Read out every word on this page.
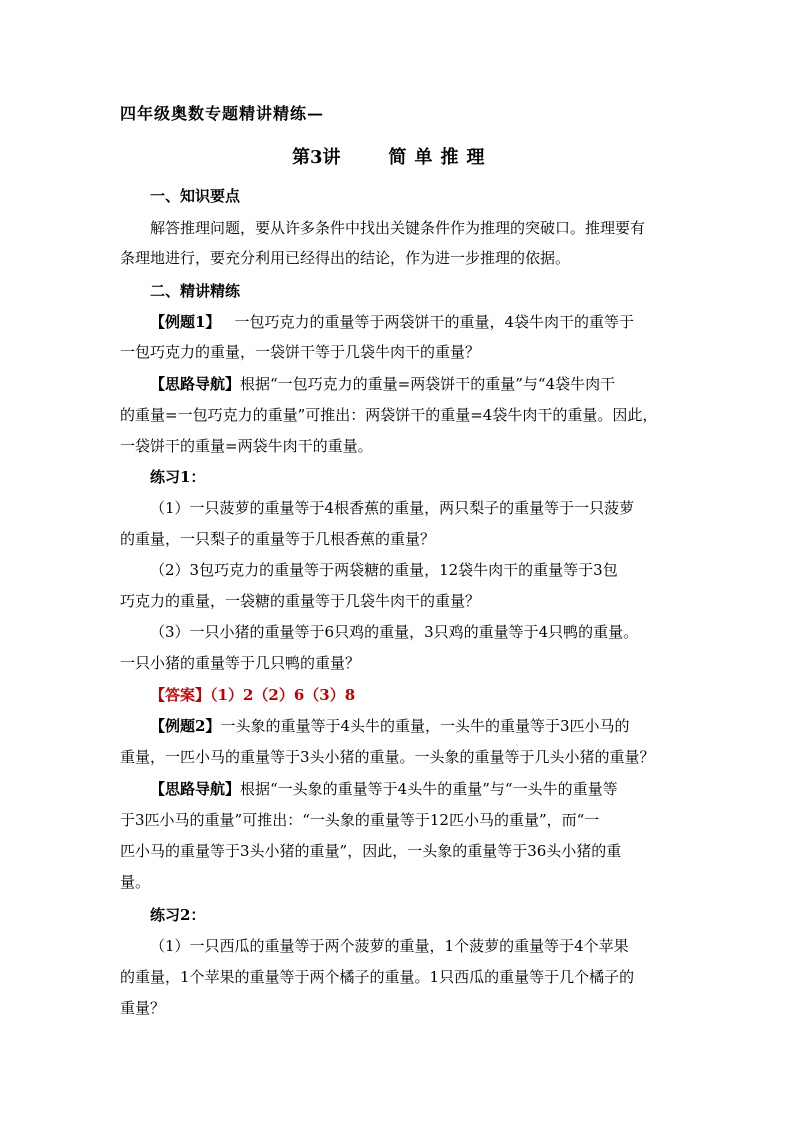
四年级奥数专题精讲精练—
第3讲	简单推理
一、知识要点
解答推理问题，要从许多条件中找出关键条件作为推理的突破口。推理要有
条理地进行，要充分利用已经得出的结论，作为进一步推理的依据。
二、精讲精练
【例题1】 一包巧克力的重量等于两袋饼干的重量，4袋牛肉干的重等于
一包巧克力的重量，一袋饼干等于几袋牛肉干的重量？
【思路导航】根据“一包巧克力的重量=两袋饼干的重量”与“4袋牛肉干
的重量=一包巧克力的重量”可推出：两袋饼干的重量=4袋牛肉干的重量。因此，
一袋饼干的重量=两袋牛肉干的重量。
练习1：
（1）一只菠萝的重量等于4根香蕉的重量，两只梨子的重量等于一只菠萝
的重量，一只梨子的重量等于几根香蕉的重量？
（2）3包巧克力的重量等于两袋糖的重量，12袋牛肉干的重量等于3包
巧克力的重量，一袋糖的重量等于几袋牛肉干的重量？
（3）一只小猪的重量等于6只鸡的重量，3只鸡的重量等于4只鸭的重量。
一只小猪的重量等于几只鸭的重量？
【答案】（1）2（2）6（3）8
【例题2】一头象的重量等于4头牛的重量，一头牛的重量等于3匹小马的
重量，一匹小马的重量等于3头小猪的重量。一头象的重量等于几头小猪的重量？
【思路导航】根据“一头象的重量等于4头牛的重量”与“一头牛的重量等
于3匹小马的重量”可推出：“一头象的重量等于12匹小马的重量”，而“一
匹小马的重量等于3头小猪的重量”，因此，一头象的重量等于36头小猪的重
量。
练习2：
（1）一只西瓜的重量等于两个菠萝的重量，1个菠萝的重量等于4个苹果
的重量，1个苹果的重量等于两个橘子的重量。1只西瓜的重量等于几个橘子的
重量？
